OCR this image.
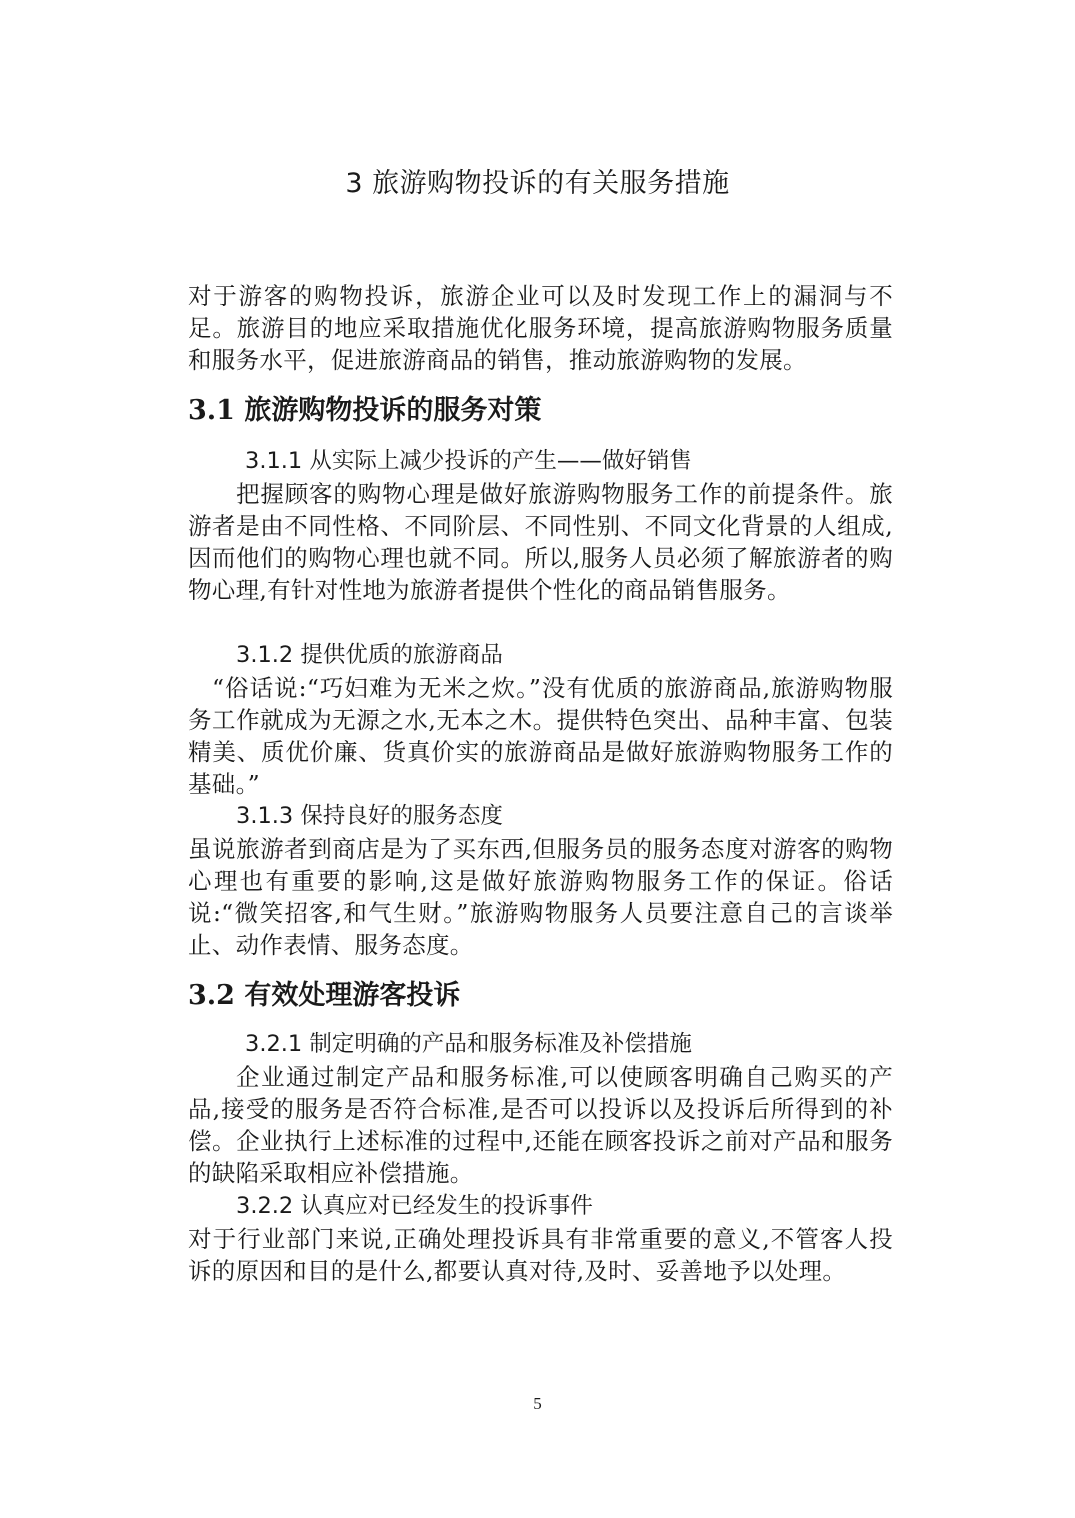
3 旅游购物投诉的有关服务措施

对于游客的购物投诉，旅游企业可以及时发现工作上的漏洞与不足。旅游目的地应采取措施优化服务环境，提高旅游购物服务质量和服务水平，促进旅游商品的销售，推动旅游购物的发展。

3.1 旅游购物投诉的服务对策
3.1.1 从实际上减少投诉的产生——做好销售

把握顾客的购物心理是做好旅游购物服务工作的前提条件。旅游者是由不同性格、不同阶层、不同性别、不同文化背景的人组成,因而他们的购物心理也就不同。所以,服务人员必须了解旅游者的购物心理,有针对性地为旅游者提供个性化的商品销售服务。

3.1.2 提供优质的旅游商品

“俗话说:“巧妇难为无米之炊。”没有优质的旅游商品,旅游购物服务工作就成为无源之水,无本之木。提供特色突出、品种丰富、包装精美、质优价廉、货真价实的旅游商品是做好旅游购物服务工作的基础。”

3.1.3 保持良好的服务态度

虽说旅游者到商店是为了买东西,但服务员的服务态度对游客的购物心理也有重要的影响,这是做好旅游购物服务工作的保证。俗话说:“微笑招客,和气生财。”旅游购物服务人员要注意自己的言谈举止、动作表情、服务态度。

3.2 有效处理游客投诉
3.2.1 制定明确的产品和服务标准及补偿措施

企业通过制定产品和服务标准,可以使顾客明确自己购买的产品,接受的服务是否符合标准,是否可以投诉以及投诉后所得到的补偿。企业执行上述标准的过程中,还能在顾客投诉之前对产品和服务的缺陷采取相应补偿措施。

3.2.2 认真应对已经发生的投诉事件

对于行业部门来说,正确处理投诉具有非常重要的意义,不管客人投诉的原因和目的是什么,都要认真对待,及时、妥善地予以处理。

5
